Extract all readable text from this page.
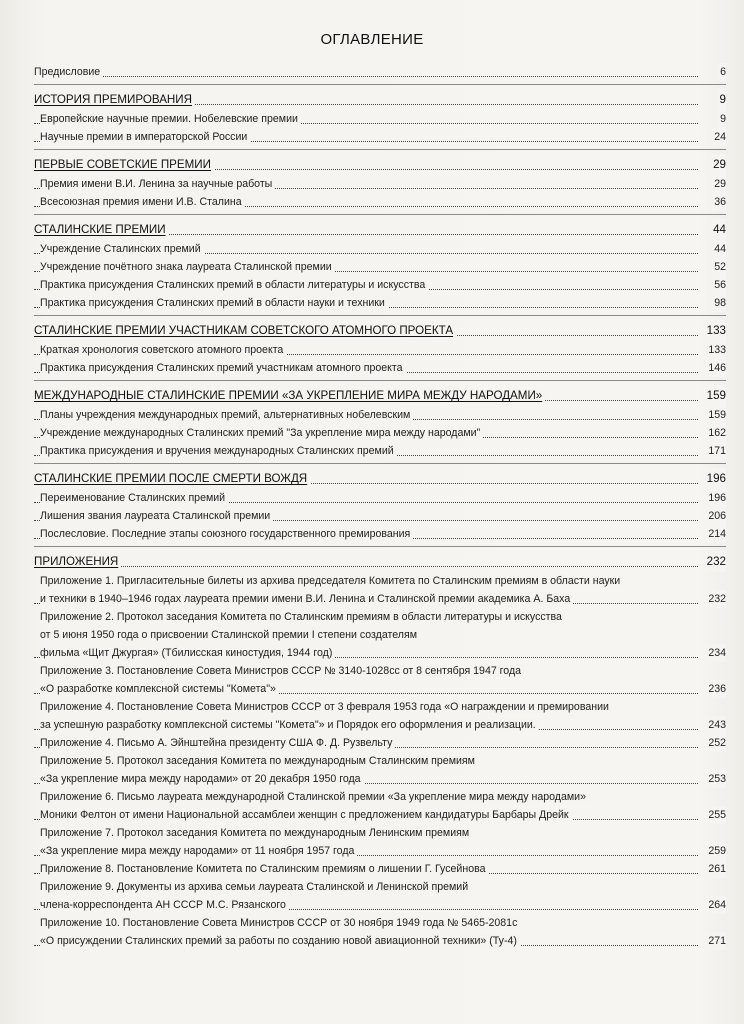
ОГЛАВЛЕНИЕ
Предисловие	6
ИСТОРИЯ ПРЕМИРОВАНИЯ	9
Европейские научные премии. Нобелевские премии	9
Научные премии в императорской России	24
ПЕРВЫЕ СОВЕТСКИЕ ПРЕМИИ	29
Премия имени В.И. Ленина за научные работы	29
Всесоюзная премия имени И.В. Сталина	36
СТАЛИНСКИЕ ПРЕМИИ	44
Учреждение Сталинских премий	44
Учреждение почётного знака лауреата Сталинской премии	52
Практика присуждения Сталинских премий в области литературы и искусства	56
Практика присуждения Сталинских премий в области науки и техники	98
СТАЛИНСКИЕ ПРЕМИИ УЧАСТНИКАМ СОВЕТСКОГО АТОМНОГО ПРОЕКТА	133
Краткая хронология советского атомного проекта	133
Практика присуждения Сталинских премий участникам атомного проекта	146
МЕЖДУНАРОДНЫЕ СТАЛИНСКИЕ ПРЕМИИ «ЗА УКРЕПЛЕНИЕ МИРА МЕЖДУ НАРОДАМИ»	159
Планы учреждения международных премий, альтернативных нобелевским	159
Учреждение международных Сталинских премий "За укрепление мира между народами"	162
Практика присуждения и вручения международных Сталинских премий	171
СТАЛИНСКИЕ ПРЕМИИ ПОСЛЕ СМЕРТИ ВОЖДЯ	196
Переименование Сталинских премий	196
Лишения звания лауреата Сталинской премии	206
Послесловие. Последние этапы союзного государственного премирования	214
ПРИЛОЖЕНИЯ	232
Приложение 1. Пригласительные билеты из архива председателя Комитета по Сталинским премиям в области науки
и техники в 1940–1946 годах лауреата премии имени В.И. Ленина и Сталинской премии академика А. Баха	232
Приложение 2. Протокол заседания Комитета по Сталинским премиям в области литературы и искусства
от 5 июня 1950 года о присвоении Сталинской премии I степени создателям
фильма «Щит Джургая» (Тбилисская киностудия, 1944 год)	234
Приложение 3. Постановление Совета Министров СССР № 3140-1028сс от 8 сентября 1947 года
«О разработке комплексной системы "Комета"»	236
Приложение 4. Постановление Совета Министров СССР от 3 февраля 1953 года «О награждении и премировании
за успешную разработку комплексной системы "Комета"» и Порядок его оформления и реализации.	243
Приложение 4. Письмо А. Эйнштейна президенту США Ф. Д. Рузвельту	252
Приложение 5. Протокол заседания Комитета по международным Сталинским премиям
«За укрепление мира между народами» от 20 декабря 1950 года	253
Приложение 6. Письмо лауреата международной Сталинской премии «За укрепление мира между народами»
Моники Фелтон от имени Национальной ассамблеи женщин с предложением кандидатуры Барбары Дрейк	255
Приложение 7. Протокол заседания Комитета по международным Ленинским премиям
«За укрепление мира между народами» от 11 ноября 1957 года	259
Приложение 8. Постановление Комитета по Сталинским премиям о лишении Г. Гусейнова	261
Приложение 9. Документы из архива семьи лауреата Сталинской и Ленинской премий
члена-корреспондента АН СССР М.С. Рязанского	264
Приложение 10. Постановление Совета Министров СССР от 30 ноября 1949 года № 5465-2081с
«О присуждении Сталинских премий за работы по созданию новой авиационной техники» (Ту-4)	271
